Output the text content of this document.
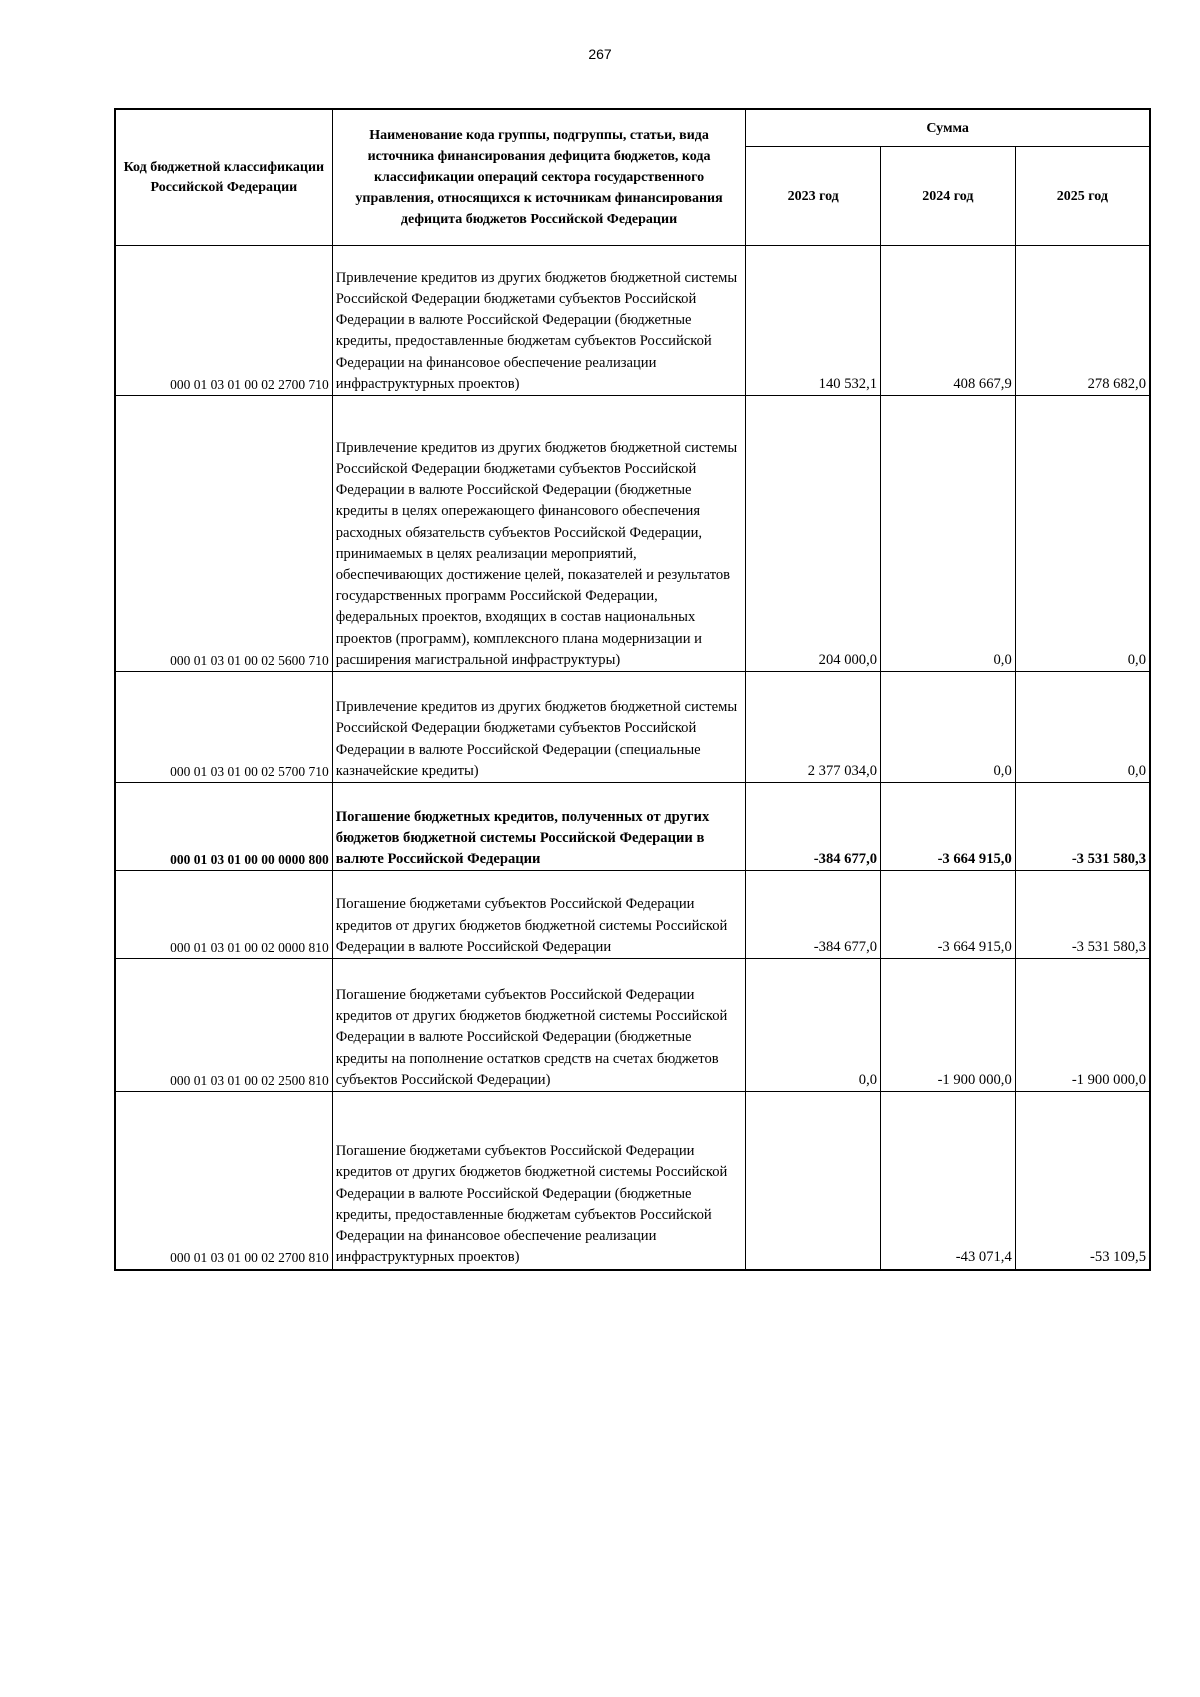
267
Код бюджетной классификации Российской Федерации	Наименование кода группы, подгруппы, статьи, вида источника финансирования дефицита бюджетов, кода классификации операций сектора государственного управления, относящихся к источникам финансирования дефицита бюджетов Российской Федерации	Сумма		
		2023 год	2024 год	2025 год
000 01 03 01 00 02 2700 710	Привлечение кредитов из других бюджетов бюджетной системы Российской Федерации бюджетами субъектов Российской Федерации в валюте Российской Федерации (бюджетные кредиты, предоставленные бюджетам субъектов Российской Федерации на финансовое обеспечение реализации инфраструктурных проектов)	140 532,1	408 667,9	278 682,0
000 01 03 01 00 02 5600 710	Привлечение кредитов из других бюджетов бюджетной системы Российской Федерации бюджетами субъектов Российской Федерации в валюте Российской Федерации (бюджетные кредиты в целях опережающего финансового обеспечения расходных обязательств субъектов Российской Федерации, принимаемых в целях реализации мероприятий, обеспечивающих достижение целей, показателей и результатов государственных программ Российской Федерации, федеральных проектов, входящих в состав национальных проектов (программ), комплексного плана модернизации и расширения магистральной инфраструктуры)	204 000,0	0,0	0,0
000 01 03 01 00 02 5700 710	Привлечение кредитов из других бюджетов бюджетной системы Российской Федерации бюджетами субъектов Российской Федерации в валюте Российской Федерации (специальные казначейские кредиты)	2 377 034,0	0,0	0,0
000 01 03 01 00 00 0000 800	Погашение бюджетных кредитов, полученных от других бюджетов бюджетной системы Российской Федерации в валюте Российской Федерации	-384 677,0	-3 664 915,0	-3 531 580,3
000 01 03 01 00 02 0000 810	Погашение бюджетами субъектов Российской Федерации кредитов от других бюджетов бюджетной системы Российской Федерации в валюте Российской Федерации	-384 677,0	-3 664 915,0	-3 531 580,3
000 01 03 01 00 02 2500 810	Погашение бюджетами субъектов Российской Федерации кредитов от других бюджетов бюджетной системы Российской Федерации в валюте Российской Федерации (бюджетные кредиты на пополнение остатков средств на счетах бюджетов субъектов Российской Федерации)	0,0	-1 900 000,0	-1 900 000,0
000 01 03 01 00 02 2700 810	Погашение бюджетами субъектов Российской Федерации кредитов от других бюджетов бюджетной системы Российской Федерации в валюте Российской Федерации (бюджетные кредиты, предоставленные бюджетам субъектов Российской Федерации на финансовое обеспечение реализации инфраструктурных проектов)		-43 071,4	-53 109,5
